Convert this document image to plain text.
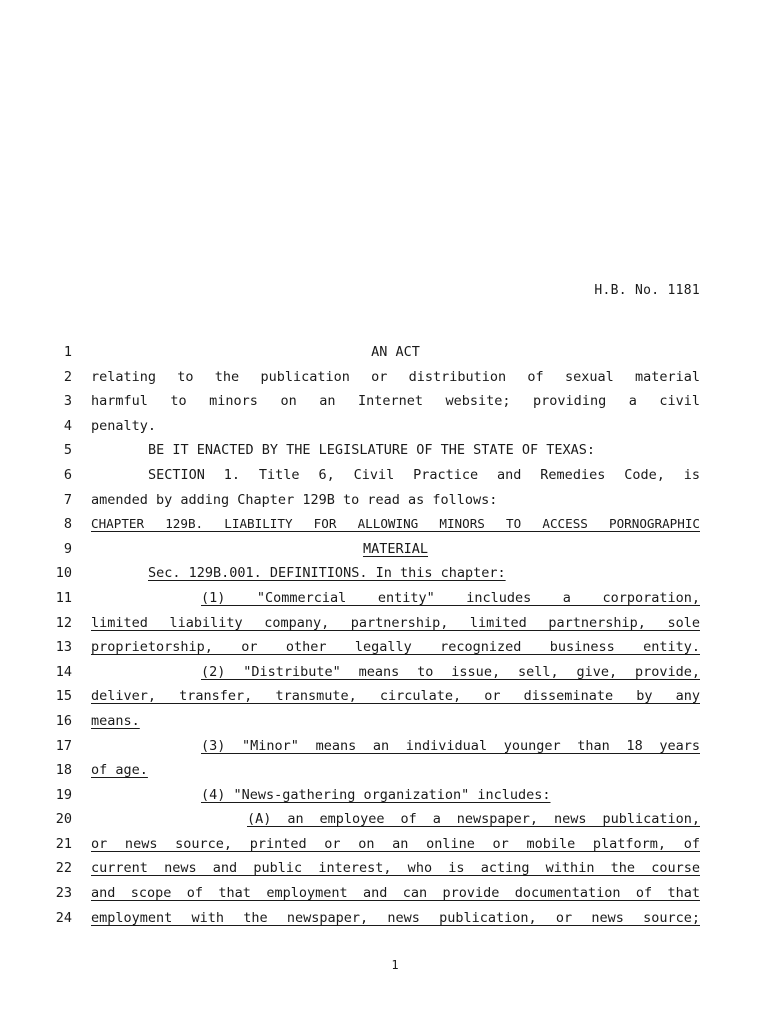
H.B. No. 1181
1	AN ACT
2 relating to the publication or distribution of sexual material
3 harmful to minors on an Internet website; providing a civil
4 penalty.
5	BE IT ENACTED BY THE LEGISLATURE OF THE STATE OF TEXAS:
6	SECTION 1. Title 6, Civil Practice and Remedies Code, is
7 amended by adding Chapter 129B to read as follows:
8 CHAPTER 129B. LIABILITY FOR ALLOWING MINORS TO ACCESS PORNOGRAPHIC
9	MATERIAL
10	Sec. 129B.001. DEFINITIONS. In this chapter:
11	(1) "Commercial entity" includes a corporation,
12 limited liability company, partnership, limited partnership, sole
13 proprietorship, or other legally recognized business entity.
14	(2) "Distribute" means to issue, sell, give, provide,
15 deliver, transfer, transmute, circulate, or disseminate by any
16 means.
17	(3) "Minor" means an individual younger than 18 years
18 of age.
19	(4) "News-gathering organization" includes:
20	(A) an employee of a newspaper, news publication,
21 or news source, printed or on an online or mobile platform, of
22 current news and public interest, who is acting within the course
23 and scope of that employment and can provide documentation of that
24 employment with the newspaper, news publication, or news source;
1
